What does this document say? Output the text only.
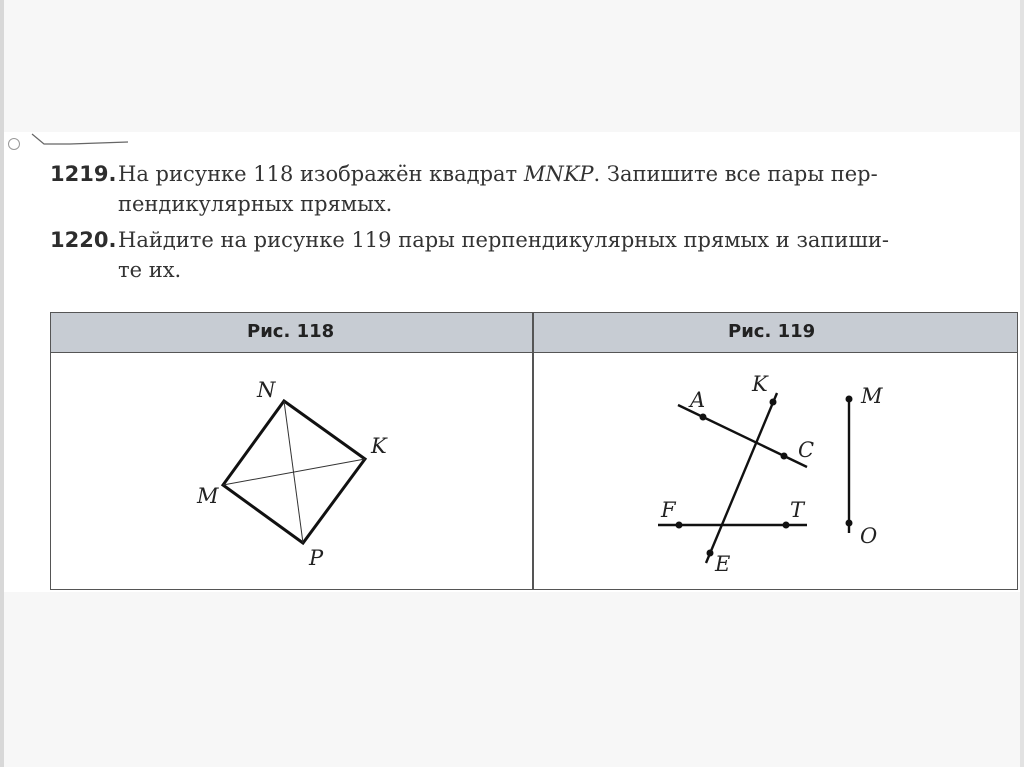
1219. На рисунке 118 изображён квадрат MNKP. Запишите все пары пер-
пендикулярных прямых.
1220. Найдите на рисунке 119 пары перпендикулярных прямых и запиши-
те их.
Рис. 118	Рис. 119
N
K
M
P
A
K
C
M
F	T
E
O
